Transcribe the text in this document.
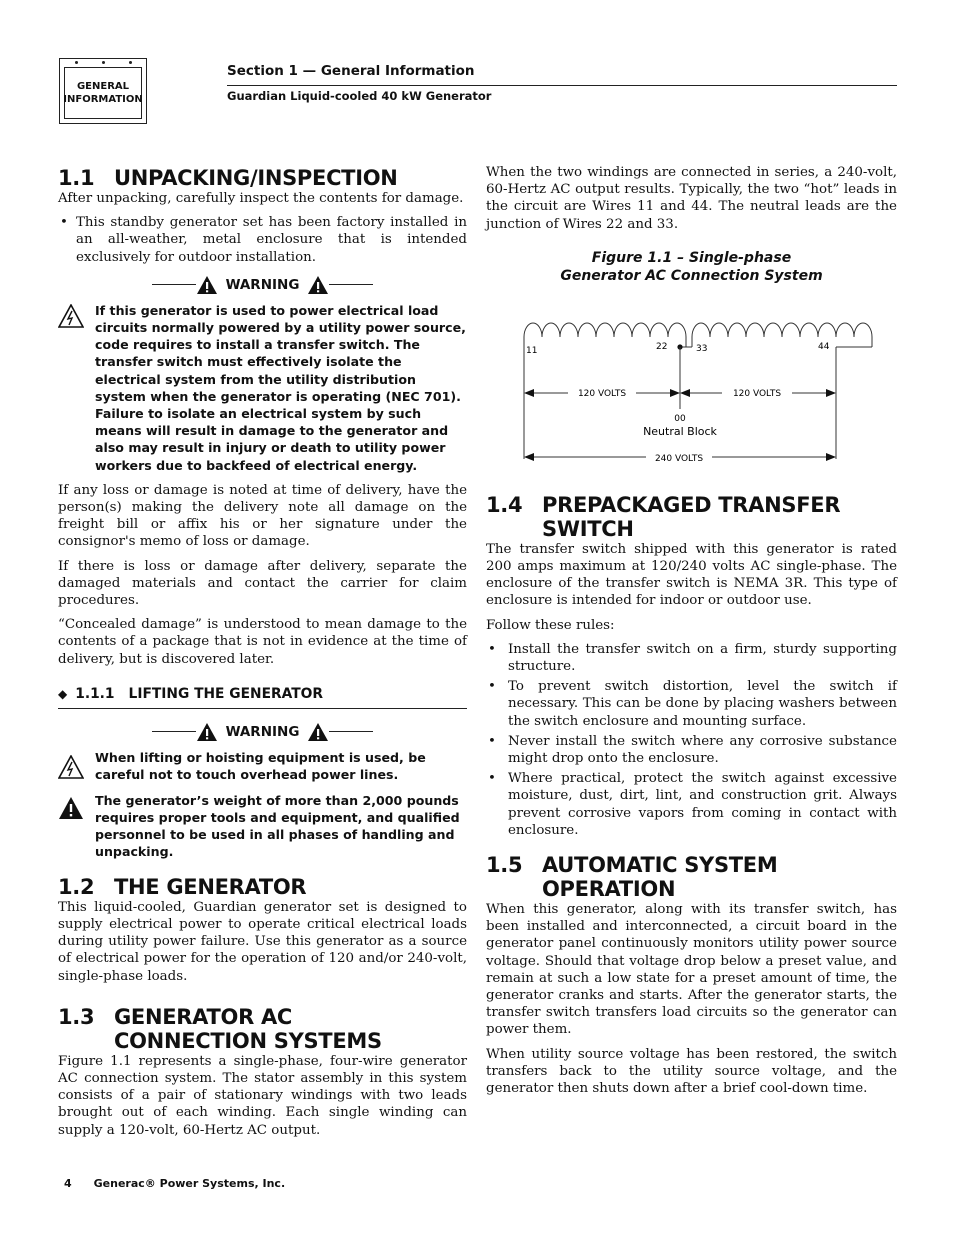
GENERAL
INFORMATION
Section 1 — General Information
Guardian Liquid-cooled 40 kW Generator
1.1 UNPACKING/INSPECTION

After unpacking, carefully inspect the contents for damage.

• This standby generator set has been factory installed in an all-weather, metal enclosure that is intended exclusively for outdoor installation.
WARNING
If this generator is used to power electrical load circuits normally powered by a utility power source, code requires to install a transfer switch. The transfer switch must effectively isolate the electrical system from the utility distribution system when the generator is operating (NEC 701). Failure to isolate an electrical system by such means will result in damage to the generator and also may result in injury or death to utility power workers due to backfeed of electrical energy.

If any loss or damage is noted at time of delivery, have the person(s) making the delivery note all damage on the freight bill or affix his or her signature under the consignor's memo of loss or damage.

If there is loss or damage after delivery, separate the damaged materials and contact the carrier for claim procedures.

“Concealed damage” is understood to mean damage to the contents of a package that is not in evidence at the time of delivery, but is discovered later.

◆ 1.1.1 LIFTING THE GENERATOR
WARNING
When lifting or hoisting equipment is used, be careful not to touch overhead power lines.
The generator’s weight of more than 2,000 pounds requires proper tools and equipment, and qualified personnel to be used in all phases of handling and unpacking.
1.2 THE GENERATOR

This liquid-cooled, Guardian generator set is designed to supply electrical power to operate critical electrical loads during utility power failure. Use this generator as a source of electrical power for the operation of 120 and/or 240-volt, single-phase loads.

1.3 GENERATOR AC
CONNECTION SYSTEMS

Figure 1.1 represents a single-phase, four-wire generator AC connection system. The stator assembly in this system consists of a pair of stationary windings with two leads brought out of each winding. Each single winding can supply a 120-volt, 60-Hertz AC output.

When the two windings are connected in series, a 240-volt, 60-Hertz AC output results. Typically, the two “hot” leads in the circuit are Wires 11 and 44. The neutral leads are the junction of Wires 22 and 33.

Figure 1.1 – Single-phase
Generator AC Connection System
11	22	33	44
120 VOLTS	120 VOLTS
00
Neutral Block
240 VOLTS
1.4 PREPACKAGED TRANSFER SWITCH

The transfer switch shipped with this generator is rated 200 amps maximum at 120/240 volts AC single-phase. The enclosure of the transfer switch is NEMA 3R. This type of enclosure is intended for indoor or outdoor use.

Follow these rules:

• Install the transfer switch on a firm, sturdy supporting structure.
• To prevent switch distortion, level the switch if necessary. This can be done by placing washers between the switch enclosure and mounting surface.
• Never install the switch where any corrosive substance might drop onto the enclosure.
• Where practical, protect the switch against excessive moisture, dust, dirt, lint, and construction grit. Always prevent corrosive vapors from coming in contact with enclosure.
1.5 AUTOMATIC SYSTEM OPERATION

When this generator, along with its transfer switch, has been installed and interconnected, a circuit board in the generator panel continuously monitors utility power source voltage. Should that voltage drop below a preset value, and remain at such a low state for a preset amount of time, the generator cranks and starts. After the generator starts, the transfer switch transfers load circuits so the generator can power them.

When utility source voltage has been restored, the switch transfers back to the utility source voltage, and the generator then shuts down after a brief cool-down time.

4 Generac® Power Systems, Inc.
